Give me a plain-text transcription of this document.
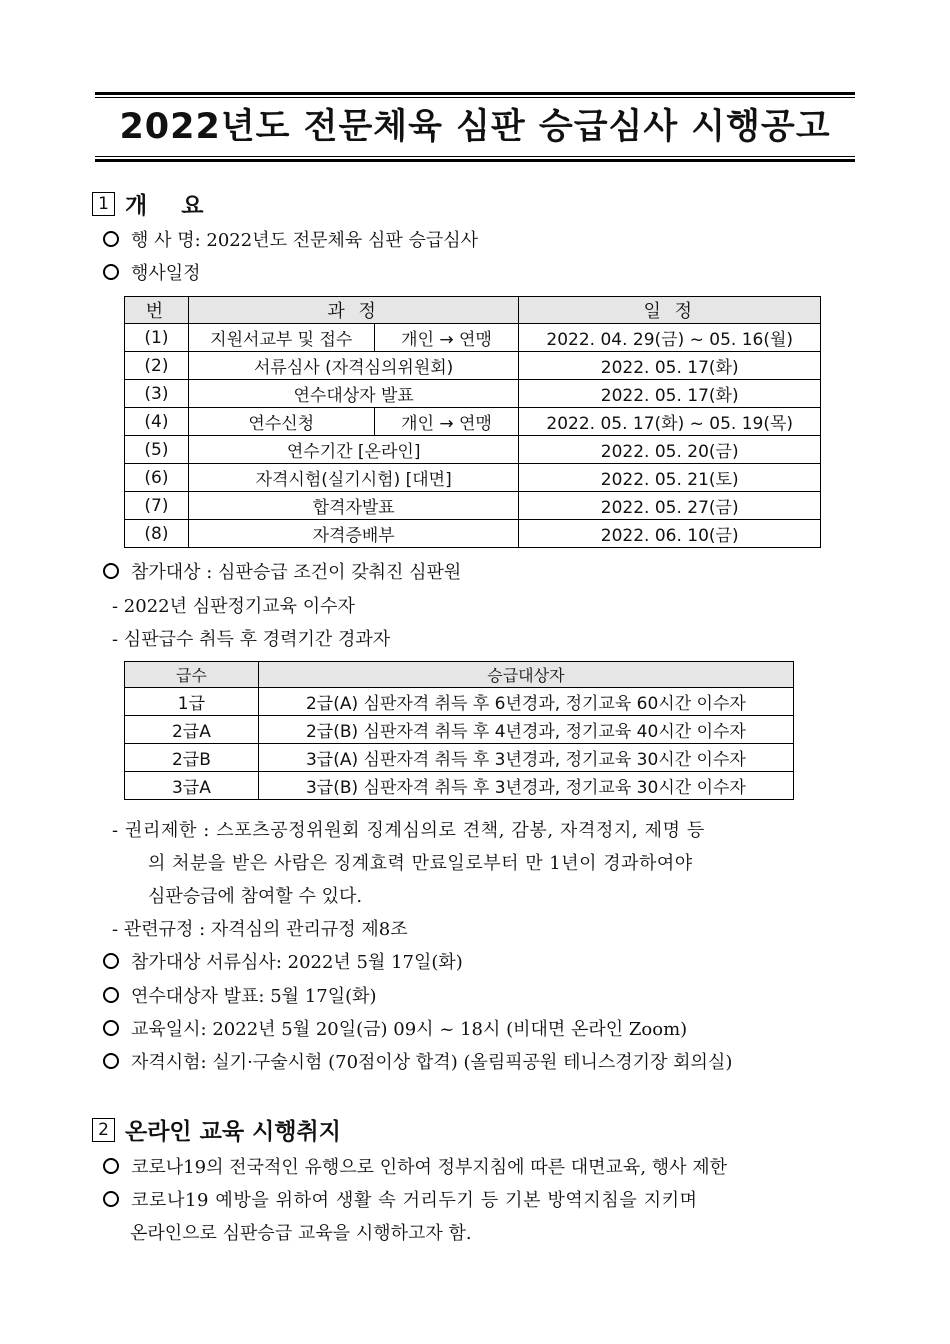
2022년도 전문체육 심판 승급심사 시행공고
1 개 요
행 사 명: 2022년도 전문체육 심판 승급심사
행사일정
번	과 정		일 정
(1)	지원서교부 및 접수	개인 → 연맹	2022. 04. 29(금) ~ 05. 16(월)
(2)	서류심사 (자격심의위원회)		2022. 05. 17(화)
(3)	연수대상자 발표		2022. 05. 17(화)
(4)	연수신청	개인 → 연맹	2022. 05. 17(화) ~ 05. 19(목)
(5)	연수기간 [온라인]		2022. 05. 20(금)
(6)	자격시험(실기시험) [대면]		2022. 05. 21(토)
(7)	합격자발표		2022. 05. 27(금)
(8)	자격증배부		2022. 06. 10(금)
참가대상 : 심판승급 조건이 갖춰진 심판원
- 2022년 심판정기교육 이수자
- 심판급수 취득 후 경력기간 경과자
급수	승급대상자
1급	2급(A) 심판자격 취득 후 6년경과, 정기교육 60시간 이수자
2급A	2급(B) 심판자격 취득 후 4년경과, 정기교육 40시간 이수자
2급B	3급(A) 심판자격 취득 후 3년경과, 정기교육 30시간 이수자
3급A	3급(B) 심판자격 취득 후 3년경과, 정기교육 30시간 이수자
- 권리제한 : 스포츠공정위원회 징계심의로 견책, 감봉, 자격정지, 제명 등
의 처분을 받은 사람은 징계효력 만료일로부터 만 1년이 경과하여야
심판승급에 참여할 수 있다.
- 관련규정 : 자격심의 관리규정 제8조
참가대상 서류심사: 2022년 5월 17일(화)
연수대상자 발표: 5월 17일(화)
교육일시: 2022년 5월 20일(금) 09시 ~ 18시 (비대면 온라인 Zoom)
자격시험: 실기·구술시험 (70점이상 합격) (올림픽공원 테니스경기장 회의실)
2 온라인 교육 시행취지
코로나19의 전국적인 유행으로 인하여 정부지침에 따른 대면교육, 행사 제한
코로나19 예방을 위하여 생활 속 거리두기 등 기본 방역지침을 지키며
온라인으로 심판승급 교육을 시행하고자 함.
